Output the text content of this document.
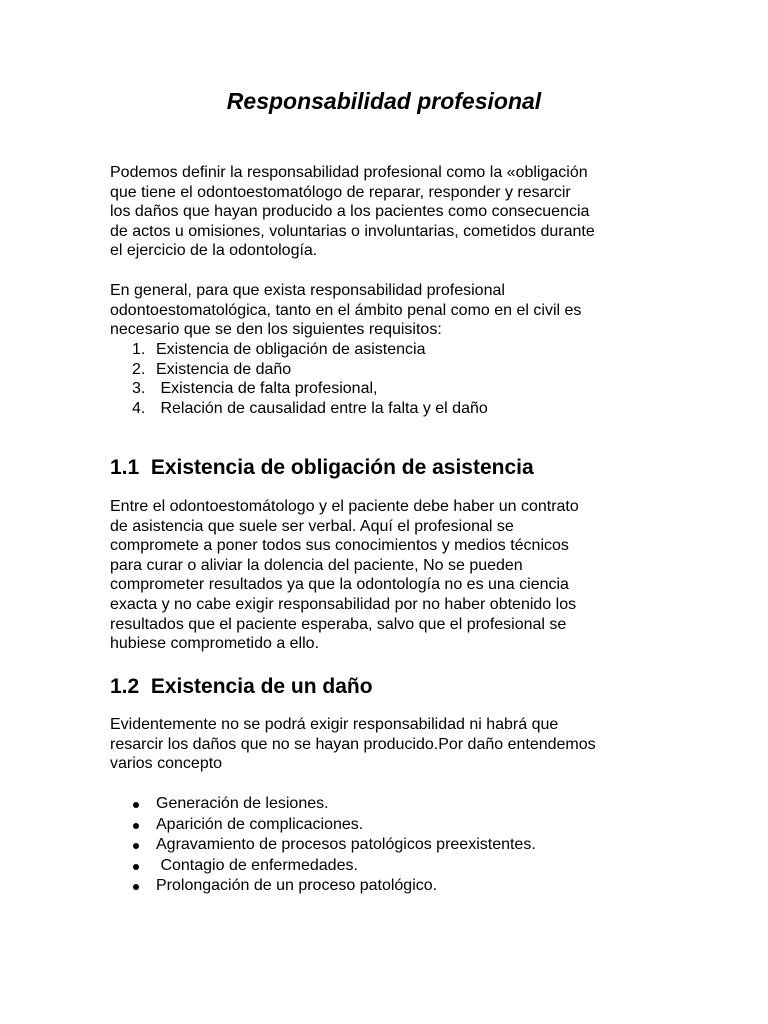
Responsabilidad profesional

Podemos definir la responsabilidad profesional como la «obligación
que tiene el odontoestomatólogo de reparar, responder y resarcir
los daños que hayan producido a los pacientes como consecuencia
de actos u omisiones, voluntarias o involuntarias, cometidos durante
el ejercicio de la odontología.

En general, para que exista responsabilidad profesional
odontoestomatológica, tanto en el ámbito penal como en el civil es
necesario que se den los siguientes requisitos:

1. Existencia de obligación de asistencia
2. Existencia de daño
3. Existencia de falta profesional,
4. Relación de causalidad entre la falta y el daño
1.1  Existencia de obligación de asistencia

Entre el odontoestomátologo y el paciente debe haber un contrato
de asistencia que suele ser verbal. Aquí el profesional se
compromete a poner todos sus conocimientos y medios técnicos
para curar o aliviar la dolencia del paciente, No se pueden
comprometer resultados ya que la odontología no es una ciencia
exacta y no cabe exigir responsabilidad por no haber obtenido los
resultados que el paciente esperaba, salvo que el profesional se
hubiese comprometido a ello.

1.2  Existencia de un daño

Evidentemente no se podrá exigir responsabilidad ni habrá que
resarcir los daños que no se hayan producido.Por daño entendemos
varios concepto

Generación de lesiones.
Aparición de complicaciones.
Agravamiento de procesos patológicos preexistentes.
Contagio de enfermedades.
Prolongación de un proceso patológico.
